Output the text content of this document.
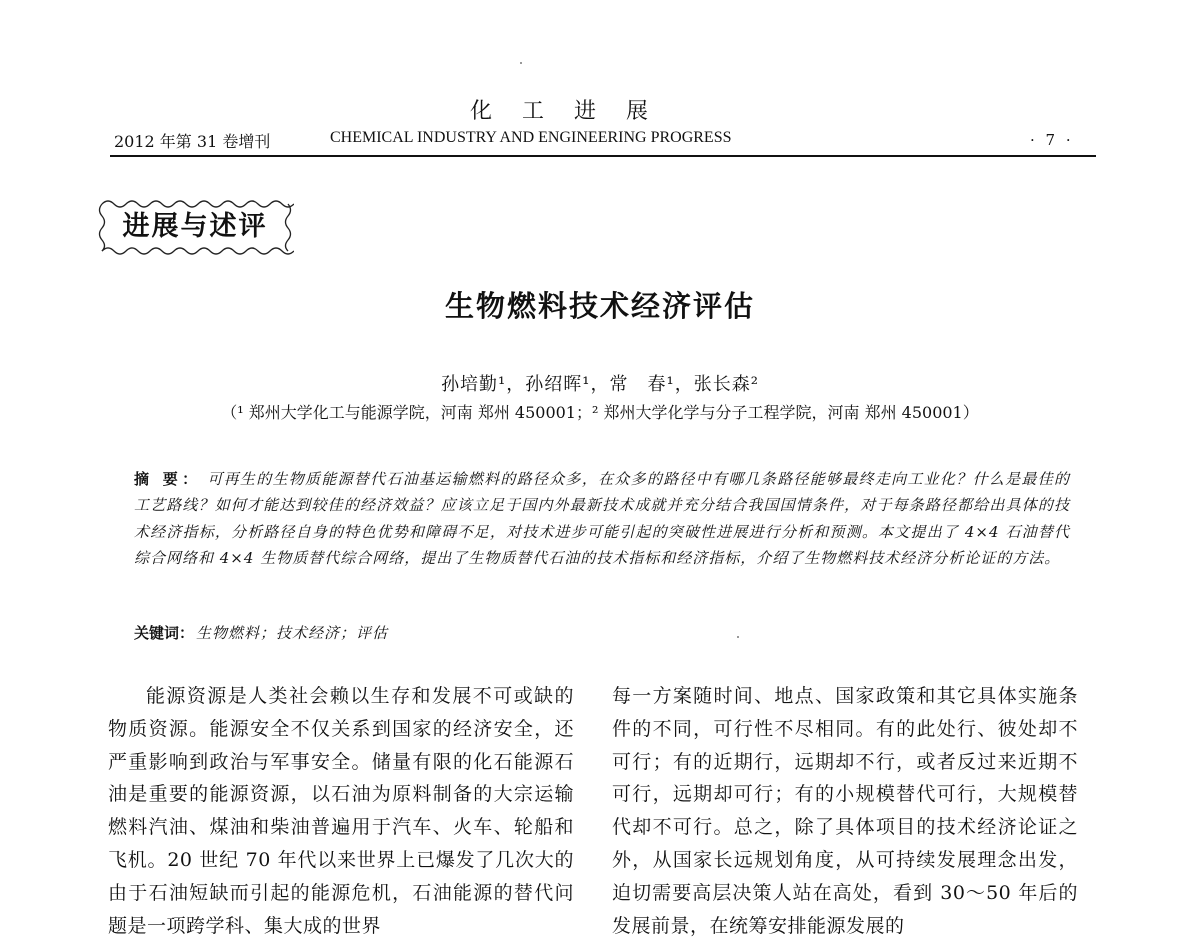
化工进展
2012 年第 31 卷增刊	CHEMICAL INDUSTRY AND ENGINEERING PROGRESS	· 7 ·
进展与述评
生物燃料技术经济评估
孙培勤¹，孙绍晖¹，常　春¹，张长森²
（¹ 郑州大学化工与能源学院，河南 郑州 450001；² 郑州大学化学与分子工程学院，河南 郑州 450001）
摘 要： 可再生的生物质能源替代石油基运输燃料的路径众多，在众多的路径中有哪几条路径能够最终走向工业化？什么是最佳的工艺路线？如何才能达到较佳的经济效益？应该立足于国内外最新技术成就并充分结合我国国情条件，对于每条路径都给出具体的技术经济指标，分析路径自身的特色优势和障碍不足，对技术进步可能引起的突破性进展进行分析和预测。本文提出了 4×4 石油替代综合网络和 4×4 生物质替代综合网络，提出了生物质替代石油的技术指标和经济指标，介绍了生物燃料技术经济分析论证的方法。
关键词： 生物燃料；技术经济；评估

能源资源是人类社会赖以生存和发展不可或缺的物质资源。能源安全不仅关系到国家的经济安全，还严重影响到政治与军事安全。储量有限的化石能源石油是重要的能源资源，以石油为原料制备的大宗运输燃料汽油、煤油和柴油普遍用于汽车、火车、轮船和飞机。20 世纪 70 年代以来世界上已爆发了几次大的由于石油短缺而引起的能源危机，石油能源的替代问题是一项跨学科、集大成的世界

每一方案随时间、地点、国家政策和其它具体实施条件的不同，可行性不尽相同。有的此处行、彼处却不可行；有的近期行，远期却不行，或者反过来近期不可行，远期却可行；有的小规模替代可行，大规模替代却不可行。总之，除了具体项目的技术经济论证之外，从国家长远规划角度，从可持续发展理念出发，迫切需要高层决策人站在高处，看到 30～50 年后的发展前景，在统筹安排能源发展的
